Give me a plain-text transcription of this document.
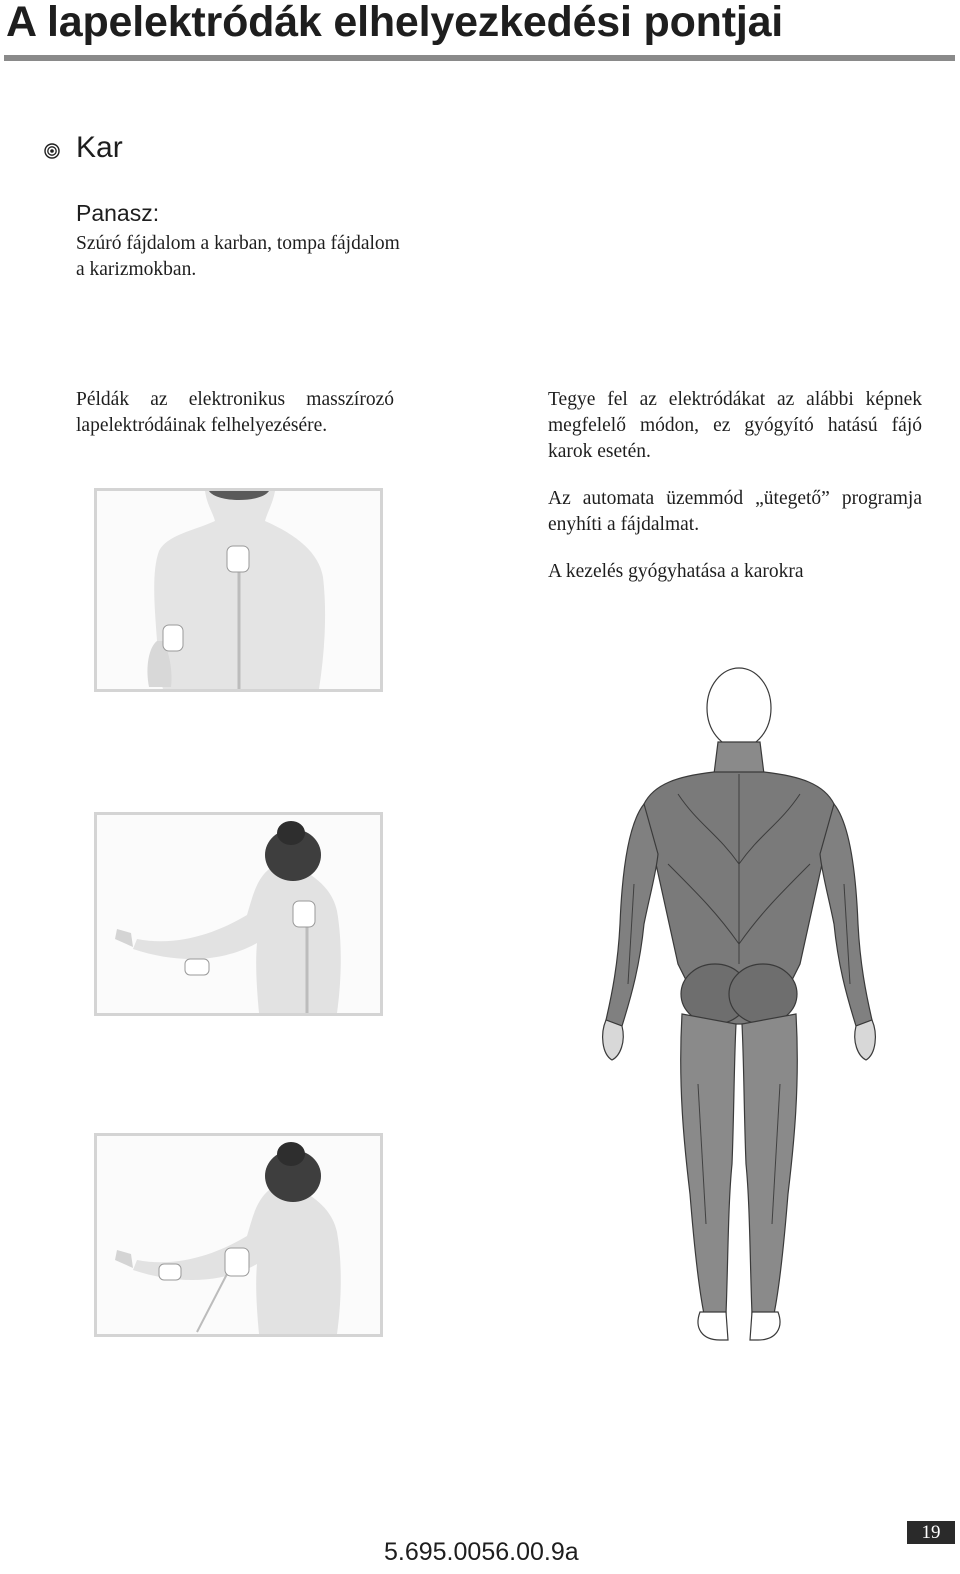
A lapelektródák elhelyezkedési pontjai
Kar
Panasz:
Szúró fájdalom a karban, tompa fájdalom a karizmokban.
Példák az elektronikus masszírozó lapelektródáinak felhelyezésére.
Tegye fel az elektródákat az alábbi képnek megfelelő módon, ez gyógyító hatású fájó karok esetén.
Az automata üzemmód „ütegető” programja enyhíti a fájdalmat.
A kezelés gyógyhatása a karokra
5.695.0056.00.9a
19
